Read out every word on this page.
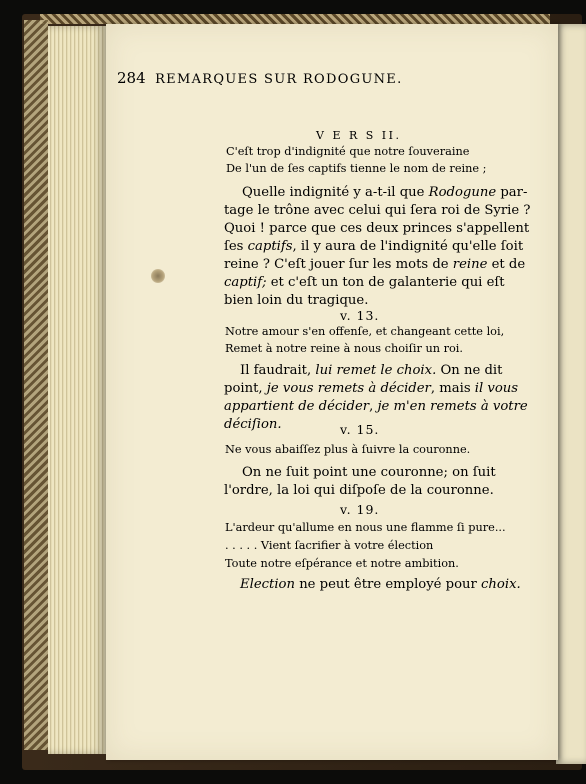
284 REMARQUES SUR RODOGUNE.
V E R S II.
C'eſt trop d'indignité que notre ſouveraine
De l'un de ſes captifs tienne le nom de reine ;
Quelle indignité y a-t-il que Rodogune par-
tage le trône avec celui qui ſera roi de Syrie ?
Quoi ! parce que ces deux princes s'appellent
ſes captifs, il y aura de l'indignité qu'elle ſoit
reine ? C'eſt jouer ſur les mots de reine et de
captif; et c'eſt un ton de galanterie qui eſt
bien loin du tragique.
v. 13.
Notre amour s'en offenſe, et changeant cette loi,
Remet à notre reine à nous choiſir un roi.
Il faudrait, lui remet le choix. On ne dit
point, je vous remets à décider, mais il vous
appartient de décider, je m'en remets à votre
déciſion.	v. 15.
Ne vous abaiſſez plus à ſuivre la couronne.
On ne ſuit point une couronne; on ſuit
l'ordre, la loi qui diſpoſe de la couronne.
v. 19.
L'ardeur qu'allume en nous une flamme ſi pure...
. . . . . Vient ſacrifier à votre élection
Toute notre eſpérance et notre ambition.
Election ne peut être employé pour choix.
